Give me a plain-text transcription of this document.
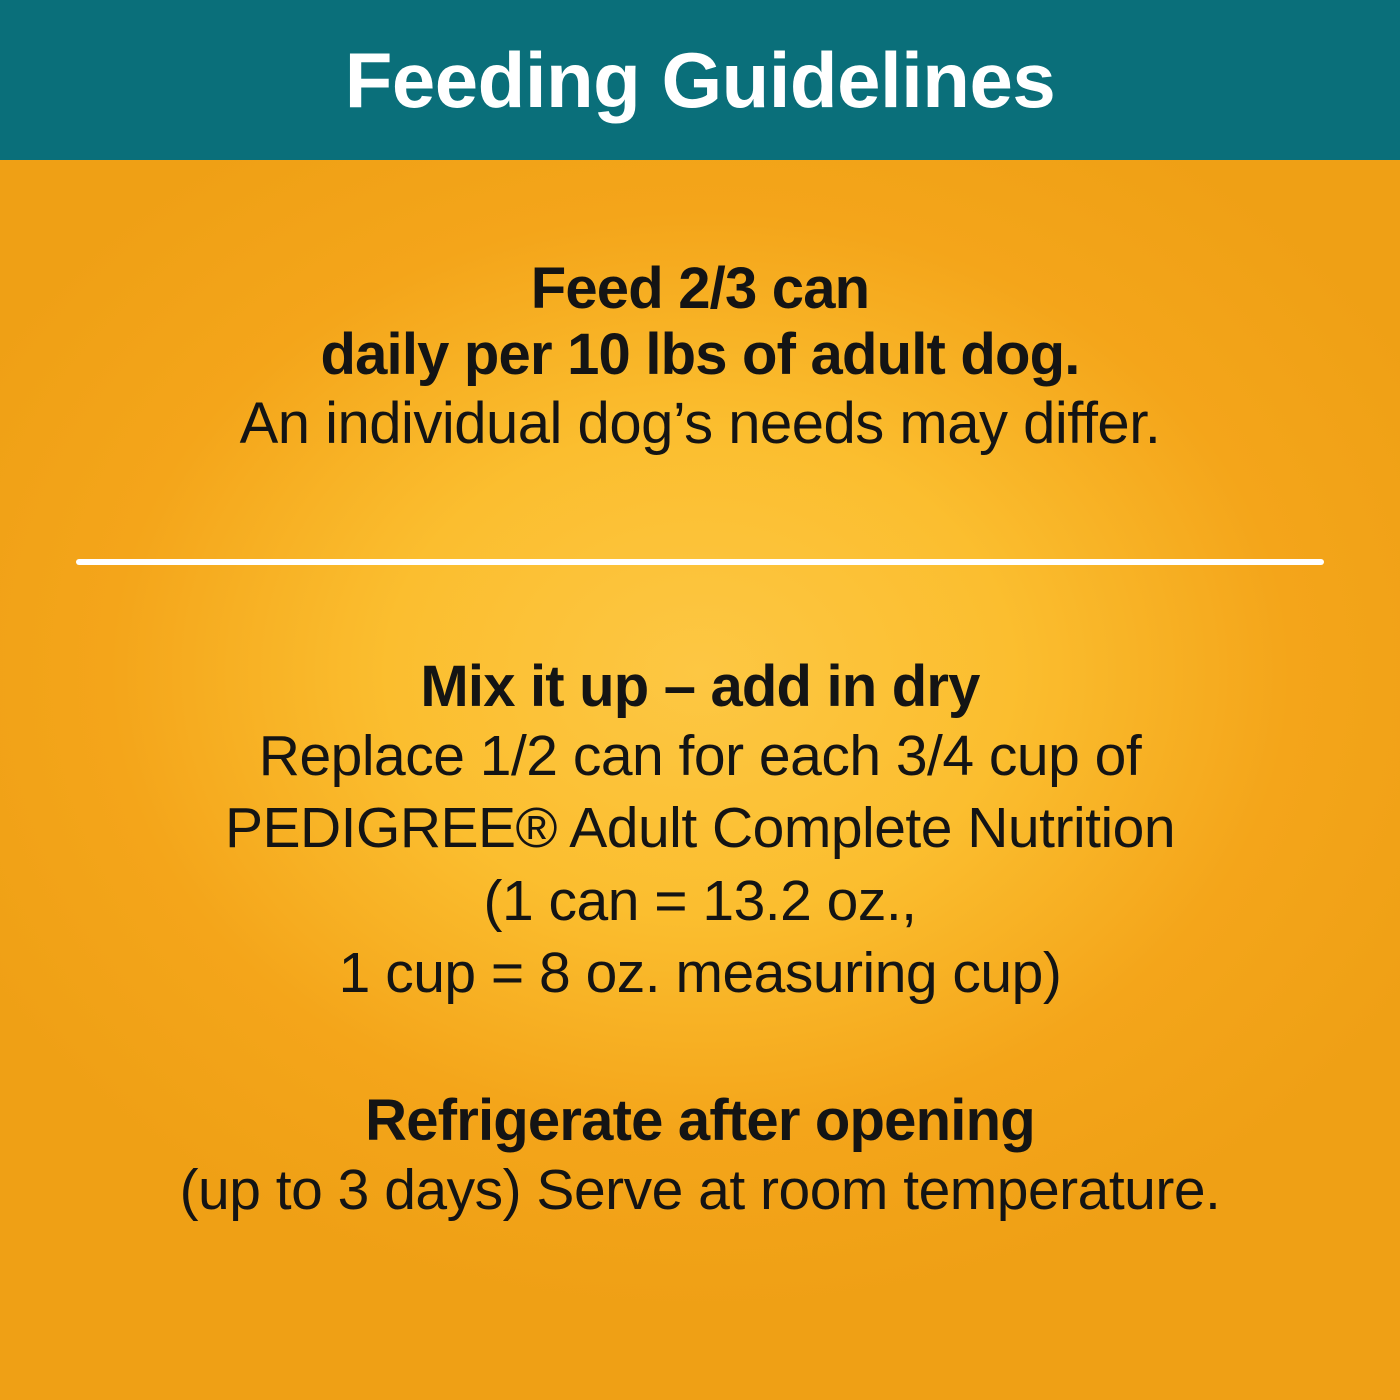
Feeding Guidelines
Feed 2/3 can
daily per 10 lbs of adult dog.
An individual dog’s needs may differ.
Mix it up – add in dry
Replace 1/2 can for each 3/4 cup of
PEDIGREE® Adult Complete Nutrition
(1 can = 13.2 oz.,
1 cup = 8 oz. measuring cup)
Refrigerate after opening
(up to 3 days) Serve at room temperature.
